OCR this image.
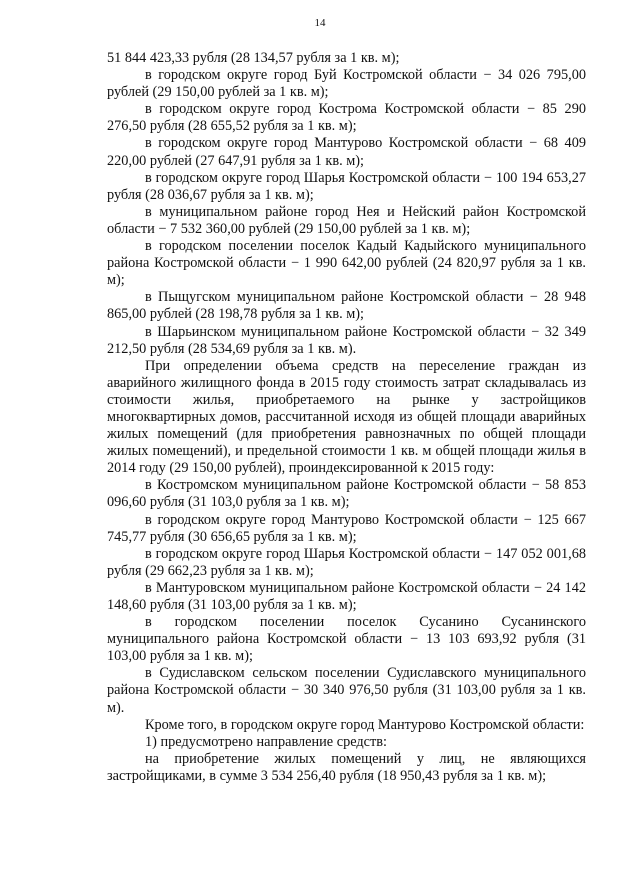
14

51 844 423,33 рубля (28 134,57 рубля за 1 кв. м);

в городском округе город Буй Костромской области − 34 026 795,00 рублей (29 150,00 рублей за 1 кв. м);

в городском округе город Кострома Костромской области − 85 290 276,50 рубля (28 655,52 рубля за 1 кв. м);

в городском округе город Мантурово Костромской области − 68 409 220,00 рублей (27 647,91 рубля за 1 кв. м);

в городском округе город Шарья Костромской области − 100 194 653,27 рубля (28 036,67 рубля за 1 кв. м);

в муниципальном районе город Нея и Нейский район Костромской области − 7 532 360,00 рублей (29 150,00 рублей за 1 кв. м);

в городском поселении поселок Кадый Кадыйского муниципального района Костромской области − 1 990 642,00 рублей (24 820,97 рубля за 1 кв. м);

в Пыщугском муниципальном районе Костромской области − 28 948 865,00 рублей (28 198,78 рубля за 1 кв. м);

в Шарьинском муниципальном районе Костромской области − 32 349 212,50 рубля (28 534,69 рубля за 1 кв. м).

При определении объема средств на переселение граждан из аварийного жилищного фонда в 2015 году стоимость затрат складывалась из стоимости жилья, приобретаемого на рынке у застройщиков многоквартирных домов, рассчитанной исходя из общей площади аварийных жилых помещений (для приобретения равнозначных по общей площади жилых помещений), и предельной стоимости 1 кв. м общей площади жилья в 2014 году (29 150,00 рублей), проиндексированной к 2015 году:

в Костромском муниципальном районе Костромской области − 58 853 096,60 рубля (31 103,0 рубля за 1 кв. м);

в городском округе город Мантурово Костромской области − 125 667 745,77 рубля (30 656,65 рубля за 1 кв. м);

в городском округе город Шарья Костромской области − 147 052 001,68 рубля (29 662,23 рубля за 1 кв. м);

в Мантуровском муниципальном районе Костромской области − 24 142 148,60 рубля (31 103,00 рубля за 1 кв. м);

в городском поселении поселок Сусанино Сусанинского муниципального района Костромской области − 13 103 693,92 рубля (31 103,00 рубля за 1 кв. м);

в Судиславском сельском поселении Судиславского муниципального района Костромской области − 30 340 976,50 рубля (31 103,00 рубля за 1 кв. м).

Кроме того, в городском округе город Мантурово Костромской области:

1) предусмотрено направление средств:

на приобретение жилых помещений у лиц, не являющихся застройщиками, в сумме 3 534 256,40 рубля (18 950,43 рубля за 1 кв. м);
